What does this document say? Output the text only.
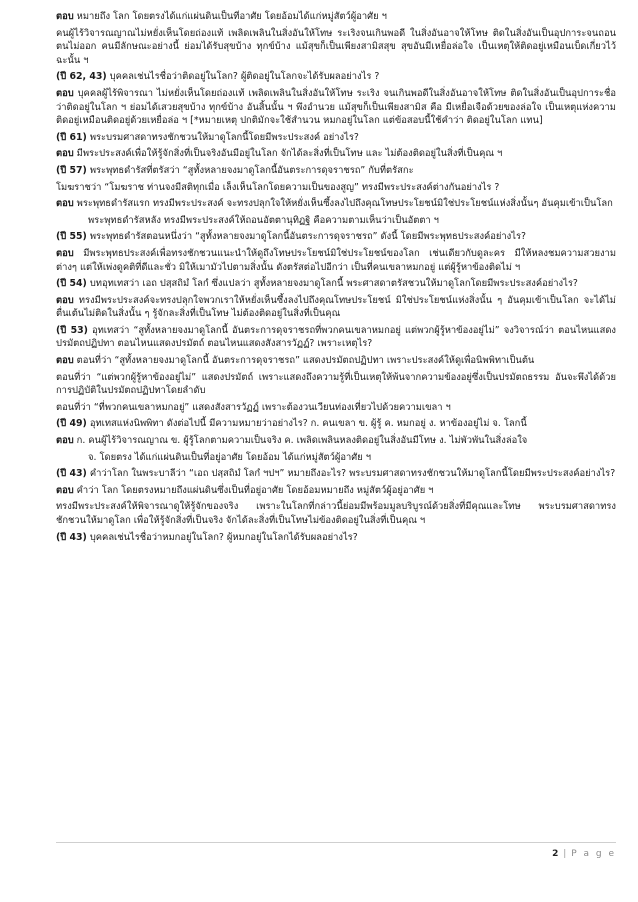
ตอบ หมายถึง โลก โดยตรงได้แก่แผ่นดินเป็นที่อาศัย โดยอ้อมได้แก่หมู่สัตว์ผู้อาศัย ฯ

คนผู้ไร้วิจารณญาณไม่หยั่งเห็นโดยถ่องแท้ เพลิดเพลินในสิ่งอันให้โทษ ระเริงจนเกินพอดี ในสิ่งอันอาจให้โทษ ติดในสิ่งอันเป็นอุปการะจนถอนตนไม่ออก คนมีลักษณะอย่างนี้ ย่อมได้รับสุขบ้าง ทุกข์บ้าง แม้สุขก็เป็นเพียงสามิสสุข สุขอันมีเหยื่อล่อใจ เป็นเหตุให้ติดอยู่เหมือนเบ็ดเกี่ยวไว้ฉะนั้น ฯ

(ปี 62, 43) บุคคลเช่นไรชื่อว่าติดอยู่ในโลก? ผู้ติดอยู่ในโลกจะได้รับผลอย่างไร ?

ตอบ บุคคลผู้ไร้พิจารณา ไม่หยั่งเห็นโดยถ่องแท้ เพลิดเพลินในสิ่งอันให้โทษ ระเริง จนเกินพอดีในสิ่งอันอาจให้โทษ ติดในสิ่งอันเป็นอุปการะชื่อว่าติดอยู่ในโลก ฯ ย่อมได้เสวยสุขบ้าง ทุกข์บ้าง อันสิ้นนั้น ฯ พึงอำนวย แม้สุขก็เป็นเพียงสามิส คือ มีเหยื่อเจือด้วยของล่อใจ เป็นเหตุแห่งความติดอยู่เหมือนติดอยู่ด้วยเหยื่อล่อ ฯ [*หมายเหตุ ปกติมักจะใช้สำนวน หมกอยู่ในโลก แต่ข้อสอบนี้ใช้คำว่า ติดอยู่ในโลก แทน]

(ปี 61) พระบรมศาสดาทรงชักชวนให้มาดูโลกนี้โดยมีพระประสงค์ อย่างไร?

ตอบ มีพระประสงค์เพื่อให้รู้จักสิ่งที่เป็นจริงอันมีอยู่ในโลก จักได้ละสิ่งที่เป็นโทษ และ ไม่ต้องติดอยู่ในสิ่งที่เป็นคุณ ฯ

(ปี 57) พระพุทธดำรัสที่ตรัสว่า “สูทั้งหลายจงมาดูโลกนี้อันตระการดุจราชรถ” กับที่ตรัสกะ

โมฆราชว่า “โมฆราช ท่านจงมีสติทุกเมื่อ เล็งเห็นโลกโดยความเป็นของสูญ” ทรงมีพระประสงค์ต่างกันอย่างไร ?

ตอบ พระพุทธดำรัสแรก ทรงมีพระประสงค์ จะทรงปลุกใจให้หยั่งเห็นซึ้งลงไปถึงคุณโทษประโยชน์มิใช่ประโยชน์แห่งสิ่งนั้นๆ อันคุมเข้าเป็นโลก

พระพุทธดำรัสหลัง ทรงมีพระประสงค์ให้ถอนอัตตานุทิฏฐิ คือความตามเห็นว่าเป็นอัตตา ฯ

(ปี 55) พระพุทธดำรัสตอนหนึ่งว่า “สูทั้งหลายจงมาดูโลกนี้อันตระการดุจราชรถ” ดังนี้ โดยมีพระพุทธประสงค์อย่างไร?

ตอบ มีพระพุทธประสงค์เพื่อทรงชักชวนแนะนำให้ดูถึงโทษประโยชน์มิใช่ประโยชน์ของโลก เช่นเดียวกับดูละคร มีให้หลงชมความสวยงามต่างๆ แต่ให้เพ่งดูคติที่ดีและชั่ว มิให้เมามัวไปตามสิ่งนั้น ดังตรัสต่อไปอีกว่า เป็นที่คนเขลาหมกอยู่ แต่ผู้รู้หาข้องติดไม่ ฯ

(ปี 54) บทอุทเทสว่า เอถ ปสฺสถิมํ โลกํ ซึ่งแปลว่า สูทั้งหลายจงมาดูโลกนี้ พระศาสดาตรัสชวนให้มาดูโลกโดยมีพระประสงค์อย่างไร?

ตอบ ทรงมีพระประสงค์จะทรงปลุกใจพวกเราให้หยั่งเห็นซึ้งลงไปถึงคุณโทษประโยชน์ มิใช่ประโยชน์แห่งสิ่งนั้น ๆ อันคุมเข้าเป็นโลก จะได้ไม่ตื่นเต้นไม่ติดในสิ่งนั้น ๆ รู้จักละสิ่งที่เป็นโทษ ไม่ต้องติดอยู่ในสิ่งที่เป็นคุณ

(ปี 53) อุทเทสว่า “สูทั้งหลายจงมาดูโลกนี้ อันตระการดุจราชรถที่พวกคนเขลาหมกอยู่ แต่พวกผู้รู้หาข้องอยู่ไม่” จงวิจารณ์ว่า ตอนไหนแสดงปรมัตถปฏิปทา ตอนไหนแสดงปรมัตถ์ ตอนไหนแสดงสังสารวัฏฏ์? เพราะเหตุไร?

ตอบ ตอนที่ว่า “สูทั้งหลายจงมาดูโลกนี้ อันตระการดุจราชรถ” แสดงปรมัตถปฏิปทา เพราะประสงค์ให้ดูเพื่อนิพพิทาเป็นต้น

ตอนที่ว่า “แต่พวกผู้รู้หาข้องอยู่ไม่” แสดงปรมัตถ์ เพราะแสดงถึงความรู้ที่เป็นเหตุให้พ้นจากความข้องอยู่ซึ่งเป็นปรมัตถธรรม อันจะพึงได้ด้วยการปฏิบัติในปรมัตถปฏิปทาโดยลำดับ

ตอนที่ว่า “ที่พวกคนเขลาหมกอยู่” แสดงสังสารวัฏฏ์ เพราะต้องวนเวียนท่องเที่ยวไปด้วยความเขลา ฯ

(ปี 49) อุทเทสแห่งนิพพิทา ดังต่อไปนี้ มีความหมายว่าอย่างไร? ก. คนเขลา ข. ผู้รู้ ค. หมกอยู่ ง. หาข้องอยู่ไม่ จ. โลกนี้

ตอบ ก. คนผู้ไร้วิจารณญาณ ข. ผู้รู้โลกตามความเป็นจริง ค. เพลิดเพลินหลงติดอยู่ในสิ่งอันมีโทษ ง. ไม่พัวพันในสิ่งล่อใจ

จ. โดยตรง ได้แก่แผ่นดินเป็นที่อยู่อาศัย โดยอ้อม ได้แก่หมู่สัตว์ผู้อาศัย ฯ

(ปี 43) คำว่าโลก ในพระบาลีว่า “เอถ ปสฺสถิมํ โลกํ ฯปฯ” หมายถึงอะไร? พระบรมศาสดาทรงชักชวนให้มาดูโลกนี้โดยมีพระประสงค์อย่างไร?

ตอบ คำว่า โลก โดยตรงหมายถึงแผ่นดินซึ่งเป็นที่อยู่อาศัย โดยอ้อมหมายถึง หมู่สัตว์ผู้อยู่อาศัย ฯ

ทรงมีพระประสงค์ให้พิจารณาดูให้รู้จักของจริง เพราะในโลกที่กล่าวนี้ย่อมมีพร้อมมูลบริบูรณ์ด้วยสิ่งที่มีคุณและโทษ พระบรมศาสดาทรง ชักชวนให้มาดูโลก เพื่อให้รู้จักสิ่งที่เป็นจริง จักได้ละสิ่งที่เป็นโทษไม่ข้องติดอยู่ในสิ่งที่เป็นคุณ ฯ

(ปี 43) บุคคลเช่นไรชื่อว่าหมกอยู่ในโลก? ผู้หมกอยู่ในโลกได้รับผลอย่างไร?

2 | P a g e
